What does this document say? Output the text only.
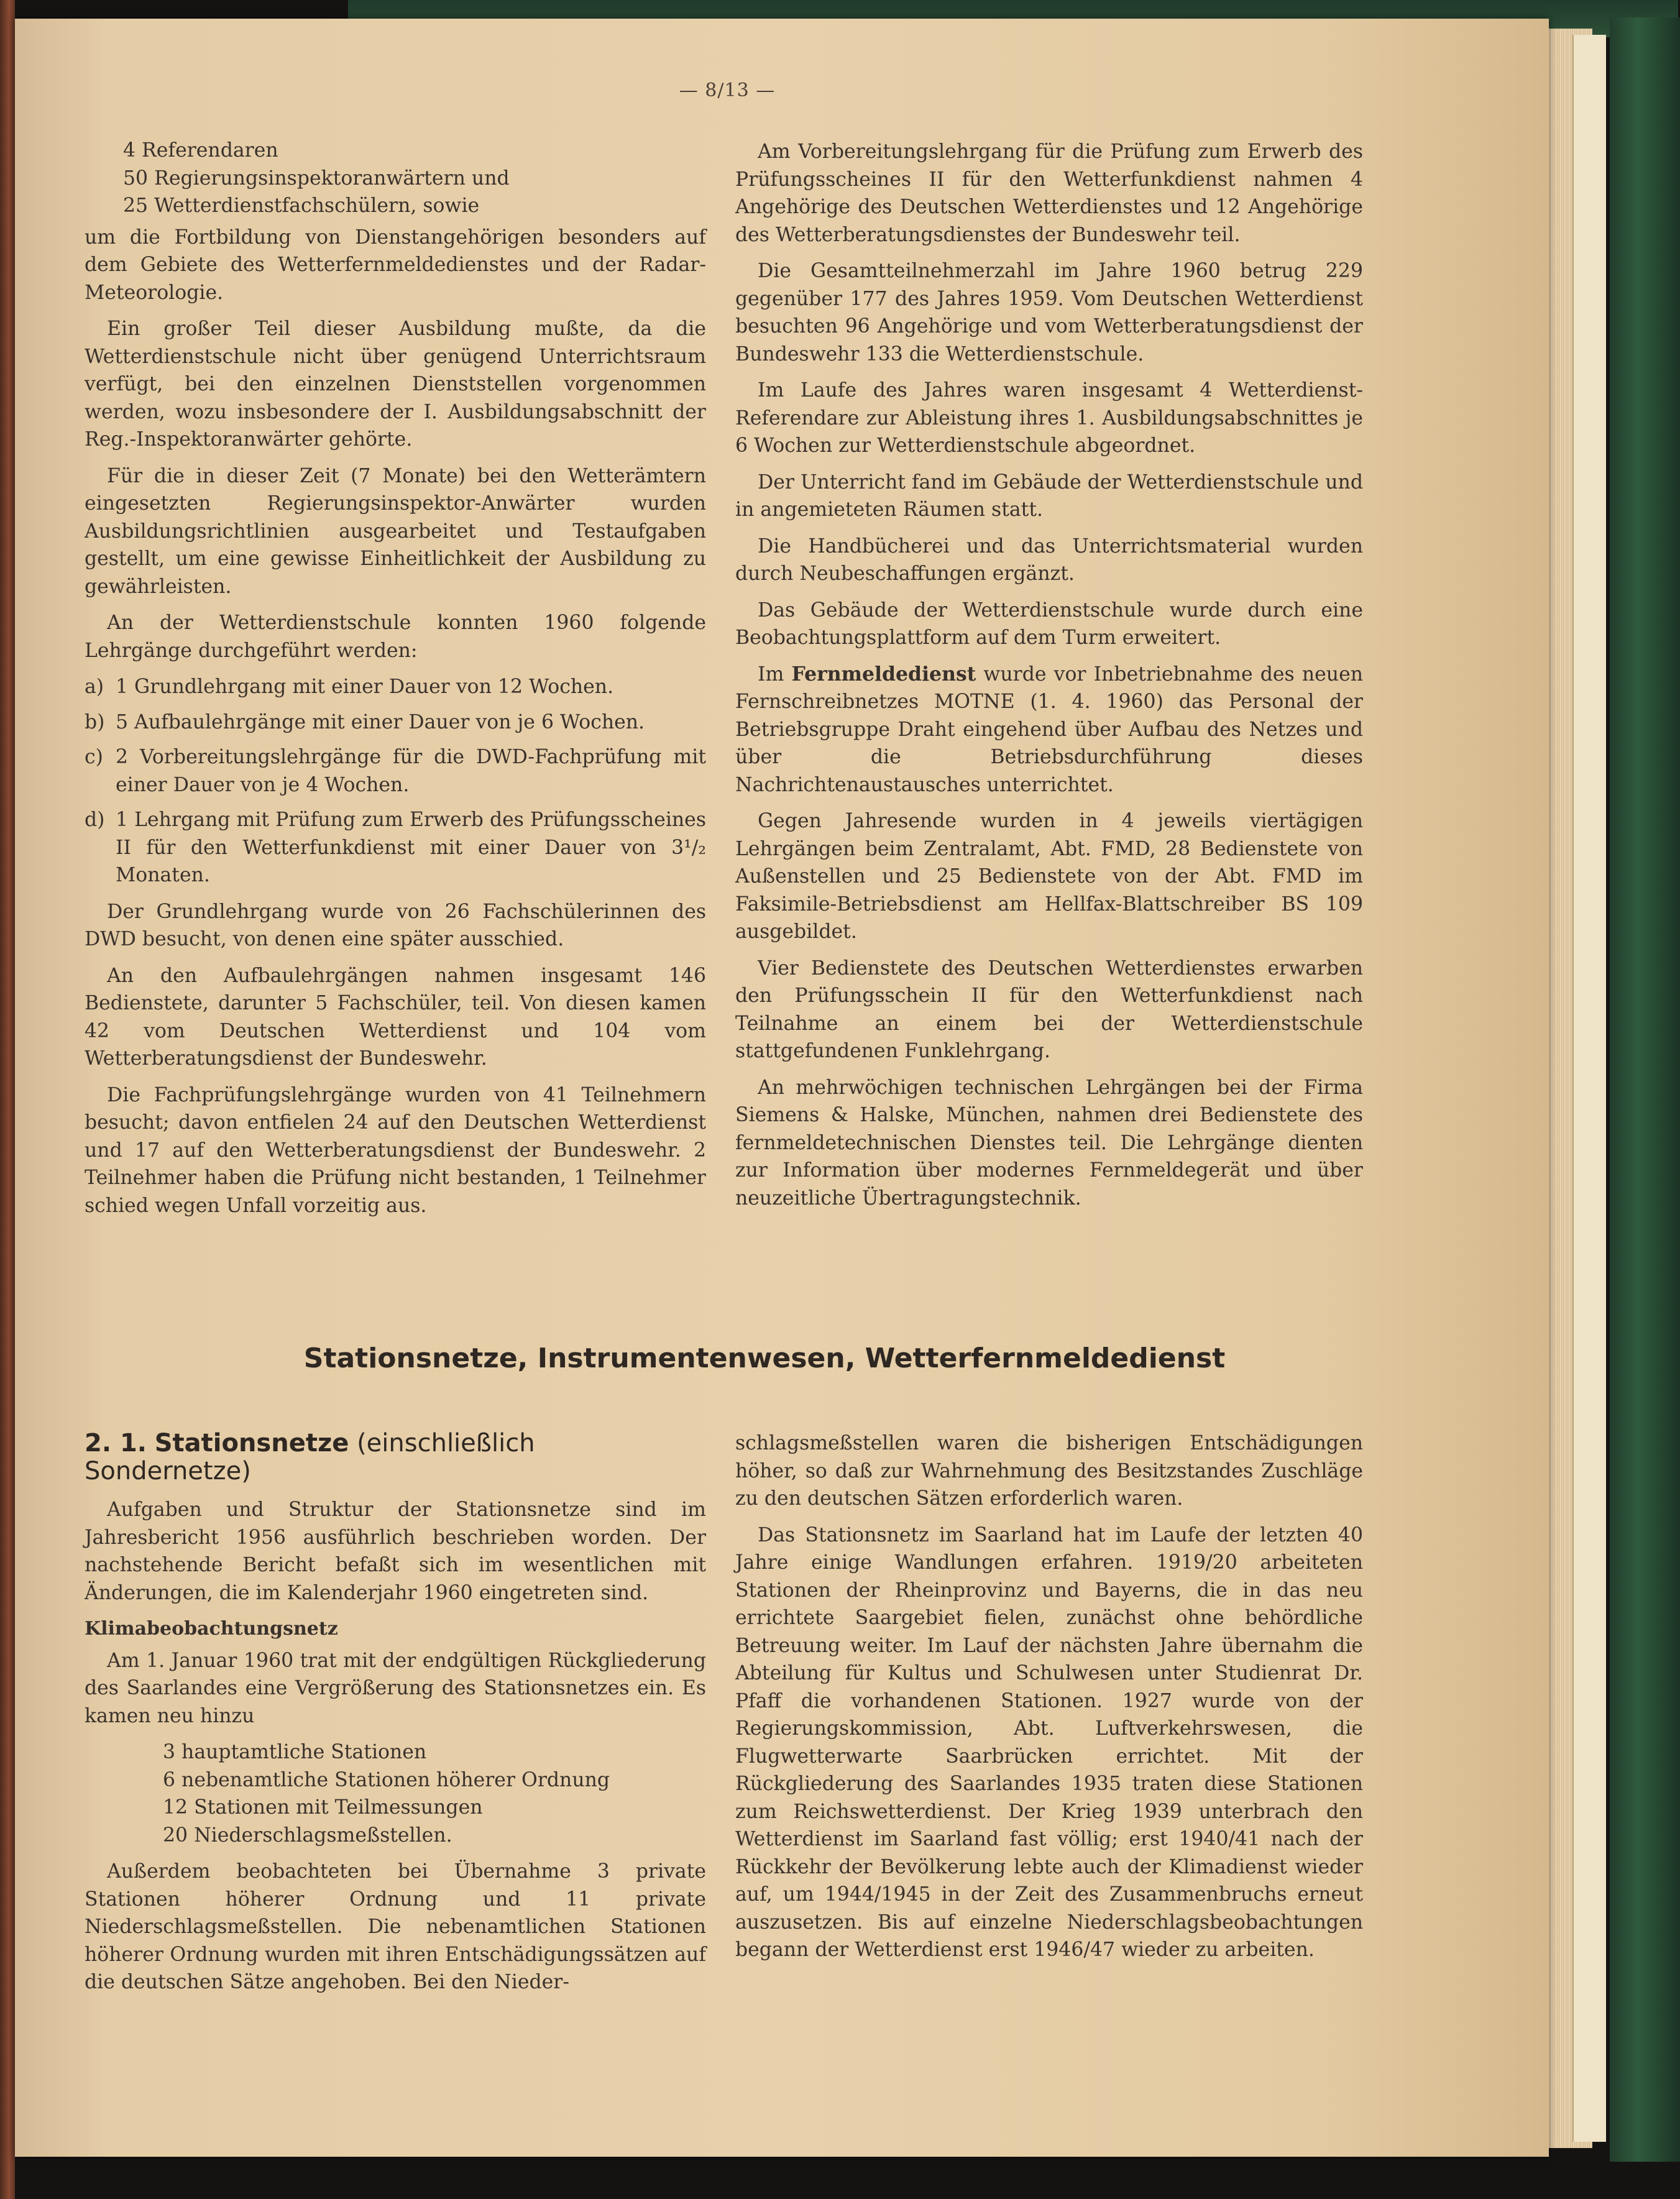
— 8/13 —
4 Referendaren
50 Regierungsinspektoranwärtern und
25 Wetterdienstfachschülern, sowie

um die Fortbildung von Dienstangehörigen besonders auf dem Gebiete des Wetterfernmeldedienstes und der Radar-Meteorologie.

Ein großer Teil dieser Ausbildung mußte, da die Wetterdienstschule nicht über genügend Unterrichtsraum verfügt, bei den einzelnen Dienststellen vorgenommen werden, wozu insbesondere der I. Ausbildungsabschnitt der Reg.-Inspektoranwärter gehörte.

Für die in dieser Zeit (7 Monate) bei den Wetterämtern eingesetzten Regierungsinspektor-Anwärter wurden Ausbildungsrichtlinien ausgearbeitet und Testaufgaben gestellt, um eine gewisse Einheitlichkeit der Ausbildung zu gewährleisten.

An der Wetterdienstschule konnten 1960 folgende Lehrgänge durchgeführt werden:

a) 1 Grundlehrgang mit einer Dauer von 12 Wochen.
b) 5 Aufbaulehrgänge mit einer Dauer von je 6 Wochen.
c) 2 Vorbereitungslehrgänge für die DWD-Fachprüfung mit einer Dauer von je 4 Wochen.
d) 1 Lehrgang mit Prüfung zum Erwerb des Prüfungsscheines II für den Wetterfunkdienst mit einer Dauer von 3¹/₂ Monaten.

Der Grundlehrgang wurde von 26 Fachschülerinnen des DWD besucht, von denen eine später ausschied.

An den Aufbaulehrgängen nahmen insgesamt 146 Bedienstete, darunter 5 Fachschüler, teil. Von diesen kamen 42 vom Deutschen Wetterdienst und 104 vom Wetterberatungsdienst der Bundeswehr.

Die Fachprüfungslehrgänge wurden von 41 Teilnehmern besucht; davon entfielen 24 auf den Deutschen Wetterdienst und 17 auf den Wetterberatungsdienst der Bundeswehr. 2 Teilnehmer haben die Prüfung nicht bestanden, 1 Teilnehmer schied wegen Unfall vorzeitig aus.

Am Vorbereitungslehrgang für die Prüfung zum Erwerb des Prüfungsscheines II für den Wetterfunkdienst nahmen 4 Angehörige des Deutschen Wetterdienstes und 12 Angehörige des Wetterberatungsdienstes der Bundeswehr teil.

Die Gesamtteilnehmerzahl im Jahre 1960 betrug 229 gegenüber 177 des Jahres 1959. Vom Deutschen Wetterdienst besuchten 96 Angehörige und vom Wetterberatungsdienst der Bundeswehr 133 die Wetterdienstschule.

Im Laufe des Jahres waren insgesamt 4 Wetterdienst-Referendare zur Ableistung ihres 1. Ausbildungsabschnittes je 6 Wochen zur Wetterdienstschule abgeordnet.

Der Unterricht fand im Gebäude der Wetterdienstschule und in angemieteten Räumen statt.

Die Handbücherei und das Unterrichtsmaterial wurden durch Neubeschaffungen ergänzt.

Das Gebäude der Wetterdienstschule wurde durch eine Beobachtungsplattform auf dem Turm erweitert.

Im Fernmeldedienst wurde vor Inbetriebnahme des neuen Fernschreibnetzes MOTNE (1. 4. 1960) das Personal der Betriebsgruppe Draht eingehend über Aufbau des Netzes und über die Betriebsdurchführung dieses Nachrichtenaustausches unterrichtet.

Gegen Jahresende wurden in 4 jeweils viertägigen Lehrgängen beim Zentralamt, Abt. FMD, 28 Bedienstete von Außenstellen und 25 Bedienstete von der Abt. FMD im Faksimile-Betriebsdienst am Hellfax-Blattschreiber BS 109 ausgebildet.

Vier Bedienstete des Deutschen Wetterdienstes erwarben den Prüfungsschein II für den Wetterfunkdienst nach Teilnahme an einem bei der Wetterdienstschule stattgefundenen Funklehrgang.

An mehrwöchigen technischen Lehrgängen bei der Firma Siemens & Halske, München, nahmen drei Bedienstete des fernmeldetechnischen Dienstes teil. Die Lehrgänge dienten zur Information über modernes Fernmeldegerät und über neuzeitliche Übertragungstechnik.

Stationsnetze, Instrumentenwesen, Wetterfernmeldedienst
2. 1. Stationsnetze (einschließlich Sondernetze)

Aufgaben und Struktur der Stationsnetze sind im Jahresbericht 1956 ausführlich beschrieben worden. Der nachstehende Bericht befaßt sich im wesentlichen mit Änderungen, die im Kalenderjahr 1960 eingetreten sind.

Klimabeobachtungsnetz

Am 1. Januar 1960 trat mit der endgültigen Rückgliederung des Saarlandes eine Vergrößerung des Stationsnetzes ein. Es kamen neu hinzu

3 hauptamtliche Stationen
6 nebenamtliche Stationen höherer Ordnung
12 Stationen mit Teilmessungen
20 Niederschlagsmeßstellen.

Außerdem beobachteten bei Übernahme 3 private Stationen höherer Ordnung und 11 private Niederschlagsmeßstellen. Die nebenamtlichen Stationen höherer Ordnung wurden mit ihren Entschädigungssätzen auf die deutschen Sätze angehoben. Bei den Nieder-

schlagsmeßstellen waren die bisherigen Entschädigungen höher, so daß zur Wahrnehmung des Besitzstandes Zuschläge zu den deutschen Sätzen erforderlich waren.

Das Stationsnetz im Saarland hat im Laufe der letzten 40 Jahre einige Wandlungen erfahren. 1919/20 arbeiteten Stationen der Rheinprovinz und Bayerns, die in das neu errichtete Saargebiet fielen, zunächst ohne behördliche Betreuung weiter. Im Lauf der nächsten Jahre übernahm die Abteilung für Kultus und Schulwesen unter Studienrat Dr. Pfaff die vorhandenen Stationen. 1927 wurde von der Regierungskommission, Abt. Luftverkehrswesen, die Flugwetterwarte Saarbrücken errichtet. Mit der Rückgliederung des Saarlandes 1935 traten diese Stationen zum Reichswetterdienst. Der Krieg 1939 unterbrach den Wetterdienst im Saarland fast völlig; erst 1940/41 nach der Rückkehr der Bevölkerung lebte auch der Klimadienst wieder auf, um 1944/1945 in der Zeit des Zusammenbruchs erneut auszusetzen. Bis auf einzelne Niederschlagsbeobachtungen begann der Wetterdienst erst 1946/47 wieder zu arbeiten.
